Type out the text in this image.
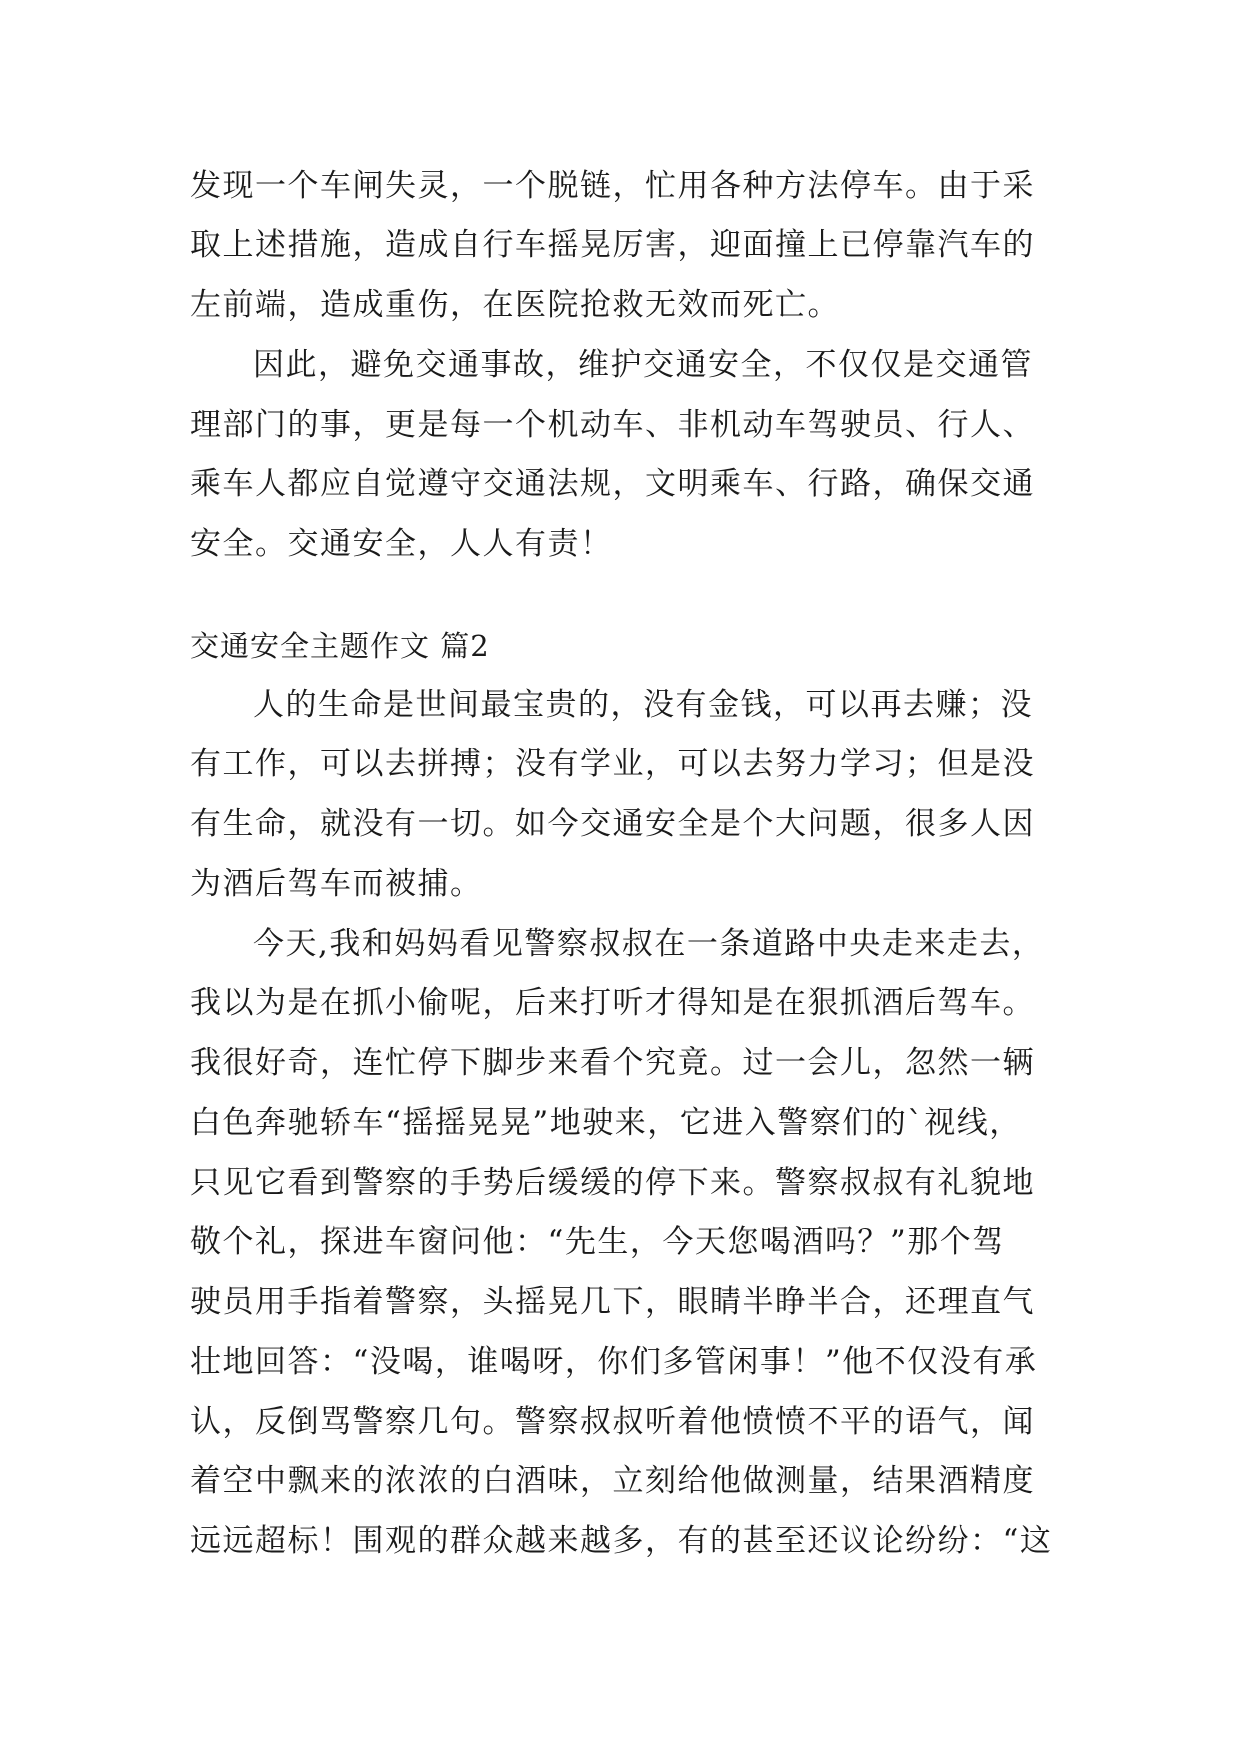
发现一个车闸失灵，一个脱链，忙用各种方法停车。由于采
取上述措施，造成自行车摇晃厉害，迎面撞上已停靠汽车的
左前端，造成重伤，在医院抢救无效而死亡。
因此，避免交通事故，维护交通安全，不仅仅是交通管
理部门的事，更是每一个机动车、非机动车驾驶员、行人、
乘车人都应自觉遵守交通法规，文明乘车、行路，确保交通
安全。交通安全，人人有责！
交通安全主题作文 篇2
人的生命是世间最宝贵的，没有金钱，可以再去赚；没
有工作，可以去拼搏；没有学业，可以去努力学习；但是没
有生命，就没有一切。如今交通安全是个大问题，很多人因
为酒后驾车而被捕。
今天,我和妈妈看见警察叔叔在一条道路中央走来走去，
我以为是在抓小偷呢，后来打听才得知是在狠抓酒后驾车。
我很好奇，连忙停下脚步来看个究竟。过一会儿，忽然一辆
白色奔驰轿车“摇摇晃晃”地驶来，它进入警察们的`视线，
只见它看到警察的手势后缓缓的停下来。警察叔叔有礼貌地
敬个礼，探进车窗问他：“先生，今天您喝酒吗？”那个驾
驶员用手指着警察，头摇晃几下，眼睛半睁半合，还理直气
壮地回答：“没喝，谁喝呀，你们多管闲事！”他不仅没有承
认，反倒骂警察几句。警察叔叔听着他愤愤不平的语气，闻
着空中飘来的浓浓的白酒味，立刻给他做测量，结果酒精度
远远超标！围观的群众越来越多，有的甚至还议论纷纷：“这
